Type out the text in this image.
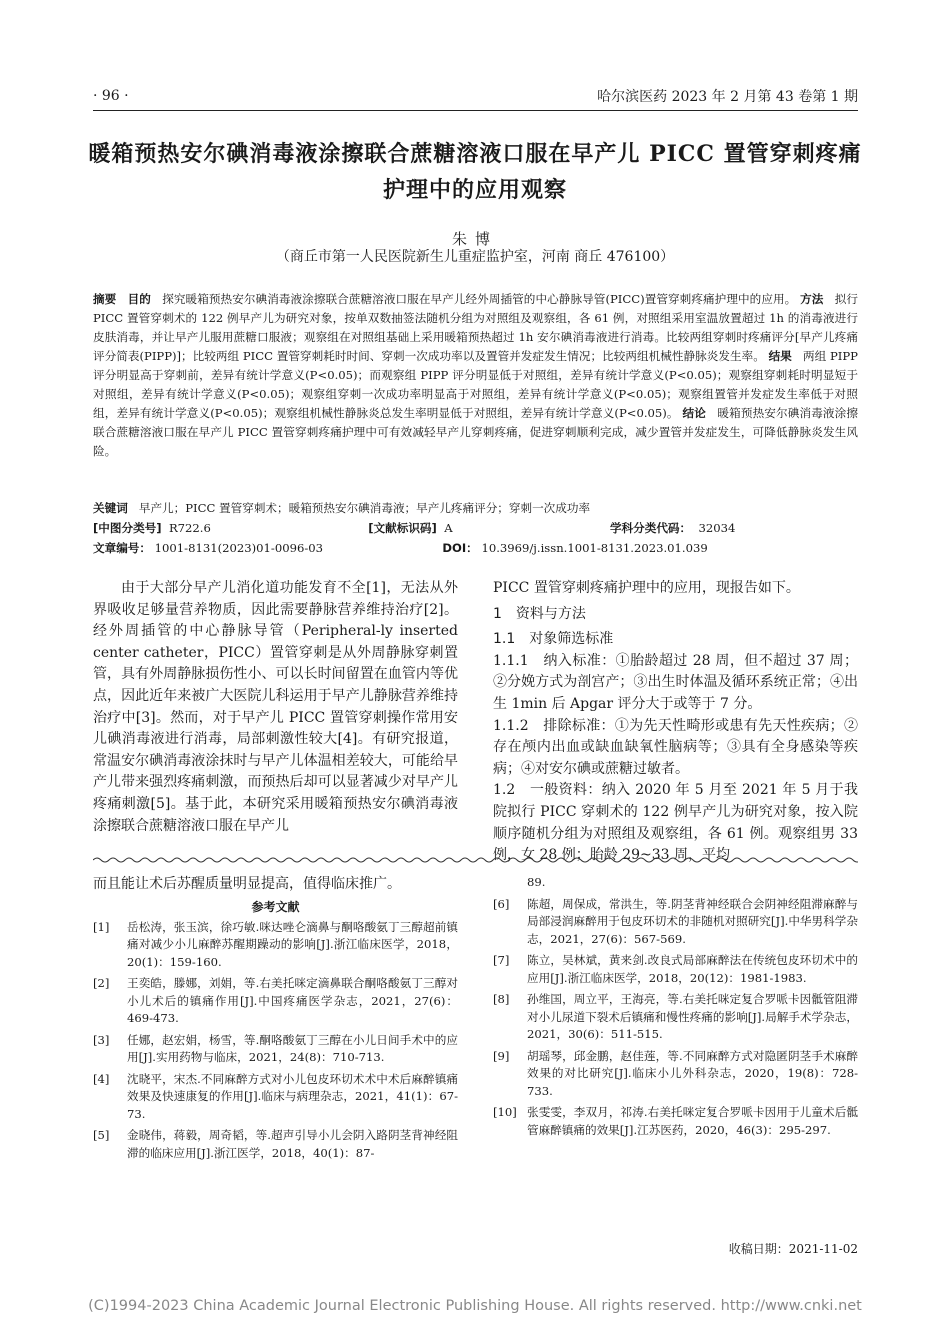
· 96 ·	哈尔滨医药 2023 年 2 月第 43 卷第 1 期
暖箱预热安尔碘消毒液涂擦联合蔗糖溶液口服在早产儿 PICC 置管穿刺疼痛护理中的应用观察
朱博
（商丘市第一人民医院新生儿重症监护室，河南 商丘 476100）
摘要 目的 探究暖箱预热安尔碘消毒液涂擦联合蔗糖溶液口服在早产儿经外周插管的中心静脉导管(PICC)置管穿刺疼痛护理中的应用。 方法 拟行 PICC 置管穿刺术的 122 例早产儿为研究对象，按单双数抽签法随机分组为对照组及观察组，各 61 例，对照组采用室温放置超过 1h 的消毒液进行皮肤消毒，并让早产儿服用蔗糖口服液；观察组在对照组基础上采用暖箱预热超过 1h 安尔碘消毒液进行消毒。比较两组穿刺时疼痛评分[早产儿疼痛评分简表(PIPP)]；比较两组 PICC 置管穿刺耗时时间、穿刺一次成功率以及置管并发症发生情况；比较两组机械性静脉炎发生率。 结果 两组 PIPP 评分明显高于穿刺前，差异有统计学意义(P<0.05)；而观察组 PIPP 评分明显低于对照组，差异有统计学意义(P<0.05)；观察组穿刺耗时明显短于对照组，差异有统计学意义(P<0.05)；观察组穿刺一次成功率明显高于对照组，差异有统计学意义(P<0.05)；观察组置管并发症发生率低于对照组，差异有统计学意义(P<0.05)；观察组机械性静脉炎总发生率明显低于对照组，差异有统计学意义(P<0.05)。 结论 暖箱预热安尔碘消毒液涂擦联合蔗糖溶液口服在早产儿 PICC 置管穿刺疼痛护理中可有效减轻早产儿穿刺疼痛，促进穿刺顺利完成，减少置管并发症发生，可降低静脉炎发生风险。
关键词 早产儿；PICC 置管穿刺术；暖箱预热安尔碘消毒液；早产儿疼痛评分；穿刺一次成功率
[中图分类号] R722.6	[文献标识码] A	学科分类代码： 32034
文章编号： 1001-8131(2023)01-0096-03	DOI： 10.3969/j.issn.1001-8131.2023.01.039

由于大部分早产儿消化道功能发育不全[1]，无法从外界吸收足够量营养物质，因此需要静脉营养维持治疗[2]。经外周插管的中心静脉导管（Peripheral-ly inserted center catheter，PICC）置管穿刺是从外周静脉穿刺置管，具有外周静脉损伤性小、可以长时间留置在血管内等优点，因此近年来被广大医院儿科运用于早产儿静脉营养维持治疗中[3]。然而，对于早产儿 PICC 置管穿刺操作常用安儿碘消毒液进行消毒，局部刺激性较大[4]。有研究报道，常温安尔碘消毒液涂抹时与早产儿体温相差较大，可能给早产儿带来强烈疼痛刺激，而预热后却可以显著减少对早产儿疼痛刺激[5]。基于此，本研究采用暖箱预热安尔碘消毒液涂擦联合蔗糖溶液口服在早产儿

PICC 置管穿刺疼痛护理中的应用，现报告如下。

1　资料与方法

1.1　对象筛选标准

1.1.1　纳入标准：①胎龄超过 28 周，但不超过 37 周；②分娩方式为剖宫产；③出生时体温及循环系统正常；④出生 1min 后 Apgar 评分大于或等于 7 分。

1.1.2　排除标准：①为先天性畸形或患有先天性疾病；②存在颅内出血或缺血缺氧性脑病等；③具有全身感染等疾病；④对安尔碘或蔗糖过敏者。

1.2　一般资料：纳入 2020 年 5 月至 2021 年 5 月于我院拟行 PICC 穿刺术的 122 例早产儿为研究对象，按入院顺序随机分组为对照组及观察组，各 61 例。观察组男 33 例，女 28 例；胎龄 29~33 周，平均

而且能让术后苏醒质量明显提高，值得临床推广。
参考文献
[1]	岳松涛，张玉滨，徐巧敏.咪达唑仑滴鼻与酮咯酸氨丁三醇超前镇痛对减少小儿麻醉苏醒期躁动的影响[J].浙江临床医学，2018，20(1)：159-160.
[2]	王奕皓，滕娜，刘娟，等.右美托咪定滴鼻联合酮咯酸氨丁三醇对小儿术后的镇痛作用[J].中国疼痛医学杂志，2021，27(6)：469-473.
[3]	任娜，赵宏娟，杨雪，等.酮咯酸氨丁三醇在小儿日间手术中的应用[J].实用药物与临床，2021，24(8)：710-713.
[4]	沈晓平，宋杰.不同麻醉方式对小儿包皮环切术术中术后麻醉镇痛效果及快速康复的作用[J].临床与病理杂志，2021，41(1)：67-73.
[5]	金晓伟，蒋毅，周奇韬，等.超声引导小儿会阴入路阴茎背神经阻滞的临床应用[J].浙江医学，2018，40(1)：87-
89.
[6]	陈超，周保成，常洪生，等.阴茎背神经联合会阴神经阻滞麻醉与局部浸润麻醉用于包皮环切术的非随机对照研究[J].中华男科学杂志，2021，27(6)：567-569.
[7]	陈立，吴林斌，黄来剑.改良式局部麻醉法在传统包皮环切术中的应用[J].浙江临床医学，2018，20(12)：1981-1983.
[8]	孙维国，周立平，王海亮，等.右美托咪定复合罗哌卡因骶管阻滞对小儿尿道下裂术后镇痛和慢性疼痛的影响[J].局解手术学杂志，2021，30(6)：511-515.
[9]	胡瑶琴，邱金鹏，赵佳莲，等.不同麻醉方式对隐匿阴茎手术麻醉效果的对比研究[J].临床小儿外科杂志，2020，19(8)：728-733.
[10] 张雯雯，李双月，祁涛.右美托咪定复合罗哌卡因用于儿童术后骶管麻醉镇痛的效果[J].江苏医药，2020，46(3)：295-297.
收稿日期：2021-11-02
(C)1994-2023 China Academic Journal Electronic Publishing House. All rights reserved. http://www.cnki.net
